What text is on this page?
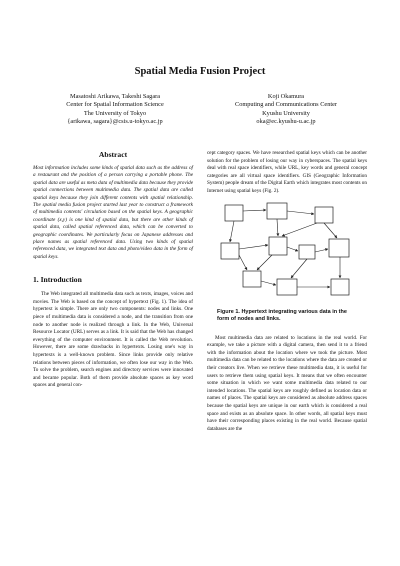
Spatial Media Fusion Project
Masatoshi Arikawa, Takeshi Sagara
Center for Spatial Information Science
The University of Tokyo
{arikawa, sagara}@csis.u-tokyo.ac.jp
Koji Okamura
Computing and Communications Center
Kyushu University
oka@ec.kyushu-u.ac.jp
Abstract

Most information includes some kinds of spatial data such as the address of a restaurant and the position of a person carrying a portable phone. The spatial data are useful as meta data of multimedia data because they provide spatial connections between multimedia data. The spatial data are called spatial keys because they join different contents with spatial relationship. The spatial media fusion project started last year to construct a framework of multimedia contents' circulation based on the spatial keys. A geographic coordinate (x,y) is one kind of spatial data, but there are other kinds of spatial data, called spatial referenced data, which can be converted to geographic coordinates. We particularly focus on Japanese addresses and place names as spatial referenced data. Using two kinds of spatial referenced data, we integrated text data and photo/video data in the form of spatial keys.

1. Introduction

The Web integrated all multimedia data such as texts, images, voices and movies. The Web is based on the concept of hypertext (Fig. 1). The idea of hypertext is simple. There are only two components: nodes and links. One piece of multimedia data is considered a node, and the transition from one node to another node is realized through a link. In the Web, Universal Resource Locator (URL) serves as a link. It is said that the Web has changed everything of the computer environment. It is called the Web revolution. However, there are some drawbacks in hypertexts. Losing one's way in hypertexts is a well-known problem. Since links provide only relative relations between pieces of information, we often lose our way in the Web. To solve the problem, search engines and directory services were innovated and became popular. Both of them provide absolute spaces as key word spaces and general con-

cept category spaces. We have researched spatial keys which can be another solution for the problem of losing our way in cyberspaces. The spatial keys deal with real space identifiers, while URL, key words and general concept categories are all virtual space identifiers. GIS (Geographic Information System) people dream of the Digital Earth which integrates most contents on Internet using spatial keys (Fig. 2).

Figure 1. Hypertext integrating various data in the form of nodes and links.

Most multimedia data are related to locations in the real world. For example, we take a picture with a digital camera, then send it to a friend with the information about the location where we took the picture. Most multimedia data can be related to the locations where the data are created or their creators live. When we retrieve these multimedia data, it is useful for users to retrieve them using spatial keys. It means that we often encounter some situation in which we want some multimedia data related to our intended locations. The spatial keys are roughly defined as location data or names of places. The spatial keys are considered as absolute address spaces because the spatial keys are unique in our earth which is considered a real space and exists as an absolute space. In other words, all spatial keys must have their corresponding places existing in the real world. Because spatial databases are the
